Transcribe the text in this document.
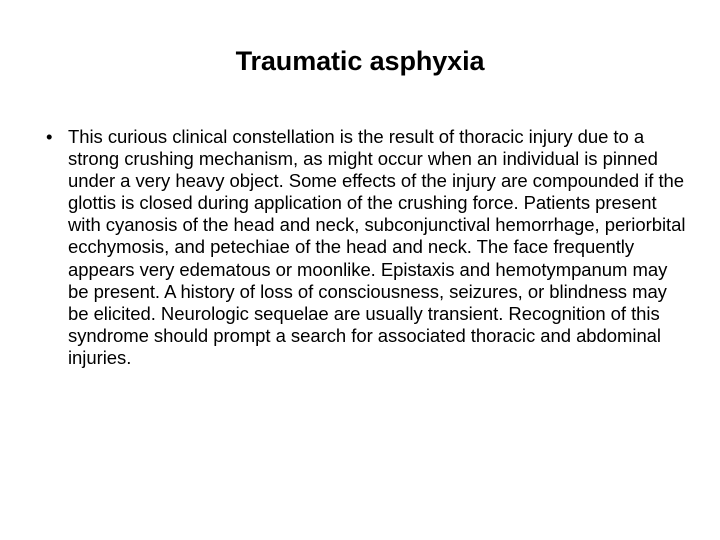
Traumatic asphyxia
• This curious clinical constellation is the result of thoracic injury due to a strong crushing mechanism, as might occur when an individual is pinned under a very heavy object. Some effects of the injury are compounded if the glottis is closed during application of the crushing force. Patients present with cyanosis of the head and neck, subconjunctival hemorrhage, periorbital ecchymosis, and petechiae of the head and neck. The face frequently appears very edematous or moonlike. Epistaxis and hemotympanum may be present. A history of loss of consciousness, seizures, or blindness may be elicited. Neurologic sequelae are usually transient. Recognition of this syndrome should prompt a search for associated thoracic and abdominal injuries.
